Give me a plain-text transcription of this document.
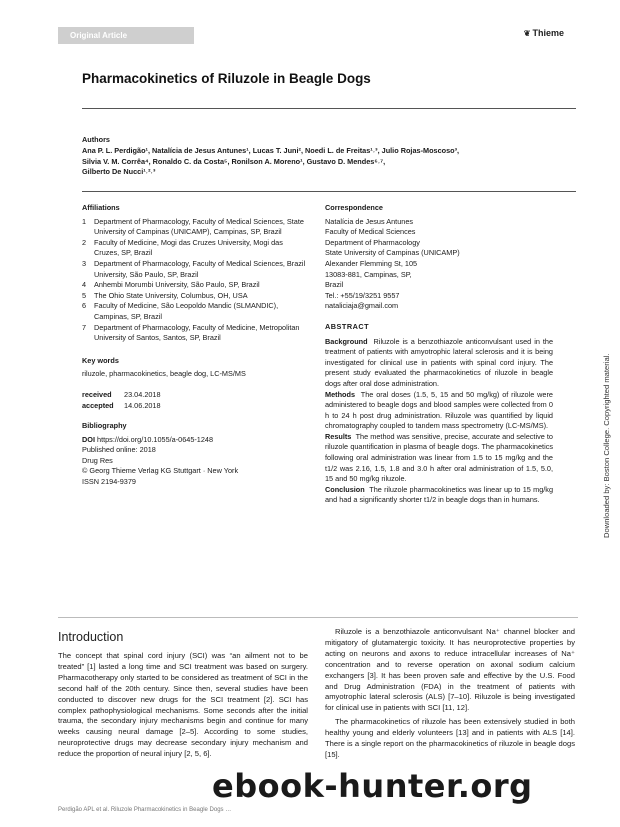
Original Article	❦ Thieme
Pharmacokinetics of Riluzole in Beagle Dogs
Authors
Ana P. L. Perdigão¹, Natalícia de Jesus Antunes¹, Lucas T. Juni², Noedi L. de Freitas¹˒³, Julio Rojas-Moscoso³,
Silvia V. M. Corrêa⁴, Ronaldo C. da Costa⁵, Ronilson A. Moreno¹, Gustavo D. Mendes⁶˒⁷,
Gilberto De Nucci¹˒²˒³
Affiliations
1	Department of Pharmacology, Faculty of Medical Sciences, State University of Campinas (UNICAMP), Campinas, SP, Brazil
2	Faculty of Medicine, Mogi das Cruzes University, Mogi das Cruzes, SP, Brazil
3	Department of Pharmacology, Faculty of Medical Sciences, Brazil University, São Paulo, SP, Brazil
4	Anhembi Morumbi University, São Paulo, SP, Brazil
5	The Ohio State University, Columbus, OH, USA
6	Faculty of Medicine, São Leopoldo Mandic (SLMANDIC), Campinas, SP, Brazil
7	Department of Pharmacology, Faculty of Medicine, Metropolitan University of Santos, Santos, SP, Brazil
Key words
riluzole, pharmacokinetics, beagle dog, LC-MS/MS
received 23.04.2018
accepted 14.06.2018
Bibliography
DOI https://doi.org/10.1055/a-0645-1248
Published online: 2018
Drug Res
© Georg Thieme Verlag KG Stuttgart · New York
ISSN 2194-9379
Correspondence
Natalícia de Jesus Antunes
Faculty of Medical Sciences
Department of Pharmacology
State University of Campinas (UNICAMP)
Alexander Flemming St, 105
13083-881, Campinas, SP,
Brazil
Tel.: +55/19/3251 9557
nataliciaja@gmail.com
ABSTRACT

Background Riluzole is a benzothiazole anticonvulsant used in the treatment of patients with amyotrophic lateral sclerosis and it is being investigated for clinical use in patients with spinal cord injury. The present study evaluated the pharmacokinetics of riluzole in beagle dogs after oral dose administration.

Methods The oral doses (1.5, 5, 15 and 50 mg/kg) of riluzole were administered to beagle dogs and blood samples were collected from 0 h to 24 h post drug administration. Riluzole was quantified by liquid chromatography coupled to tandem mass spectrometry (LC-MS/MS).

Results The method was sensitive, precise, accurate and selective to riluzole quantification in plasma of beagle dogs. The pharmacokinetics following oral administration was linear from 1.5 to 15 mg/kg and the t1/2 was 2.16, 1.5, 1.8 and 3.0 h after oral administration of 1.5, 5.0, 15 and 50 mg/kg riluzole.

Conclusion The riluzole pharmacokinetics was linear up to 15 mg/kg and had a significantly shorter t1/2 in beagle dogs than in humans.	Downloaded by: Boston College. Copyrighted material.
Introduction

The concept that spinal cord injury (SCI) was “an ailment not to be treated” [1] lasted a long time and SCI treatment was based on surgery. Pharmacotherapy only started to be considered as treatment of SCI in the second half of the 20th century. Since then, several studies have been conducted to discover new drugs for the SCI treatment [2]. SCI has complex pathophysiological mechanisms. Some seconds after the initial trauma, the secondary injury mechanisms begin and continue for many weeks causing neural damage [2–5]. According to some studies, neuroprotective drugs may decrease secondary injury mechanism and reduce the proportion of neural injury [2, 5, 6].

Riluzole is a benzothiazole anticonvulsant Na⁺ channel blocker and mitigatory of glutamatergic toxicity. It has neuroprotective properties by acting on neurons and axons to reduce intracellular increases of Na⁺ concentration and to reverse operation on axonal sodium calcium exchangers [3]. It has been proven safe and effective by the U.S. Food and Drug Administration (FDA) in the treatment of patients with amyotrophic lateral sclerosis (ALS) [7–10]. Riluzole is being investigated for clinical use in patients with SCI [11, 12].

The pharmacokinetics of riluzole has been extensively studied in both healthy young and elderly volunteers [13] and in patients with ALS [14]. There is a single report on the pharmacokinetics of riluzole in beagle dogs [15].

Perdigão APL et al. Riluzole Pharmacokinetics in Beagle Dogs …
ebook-hunter.org
